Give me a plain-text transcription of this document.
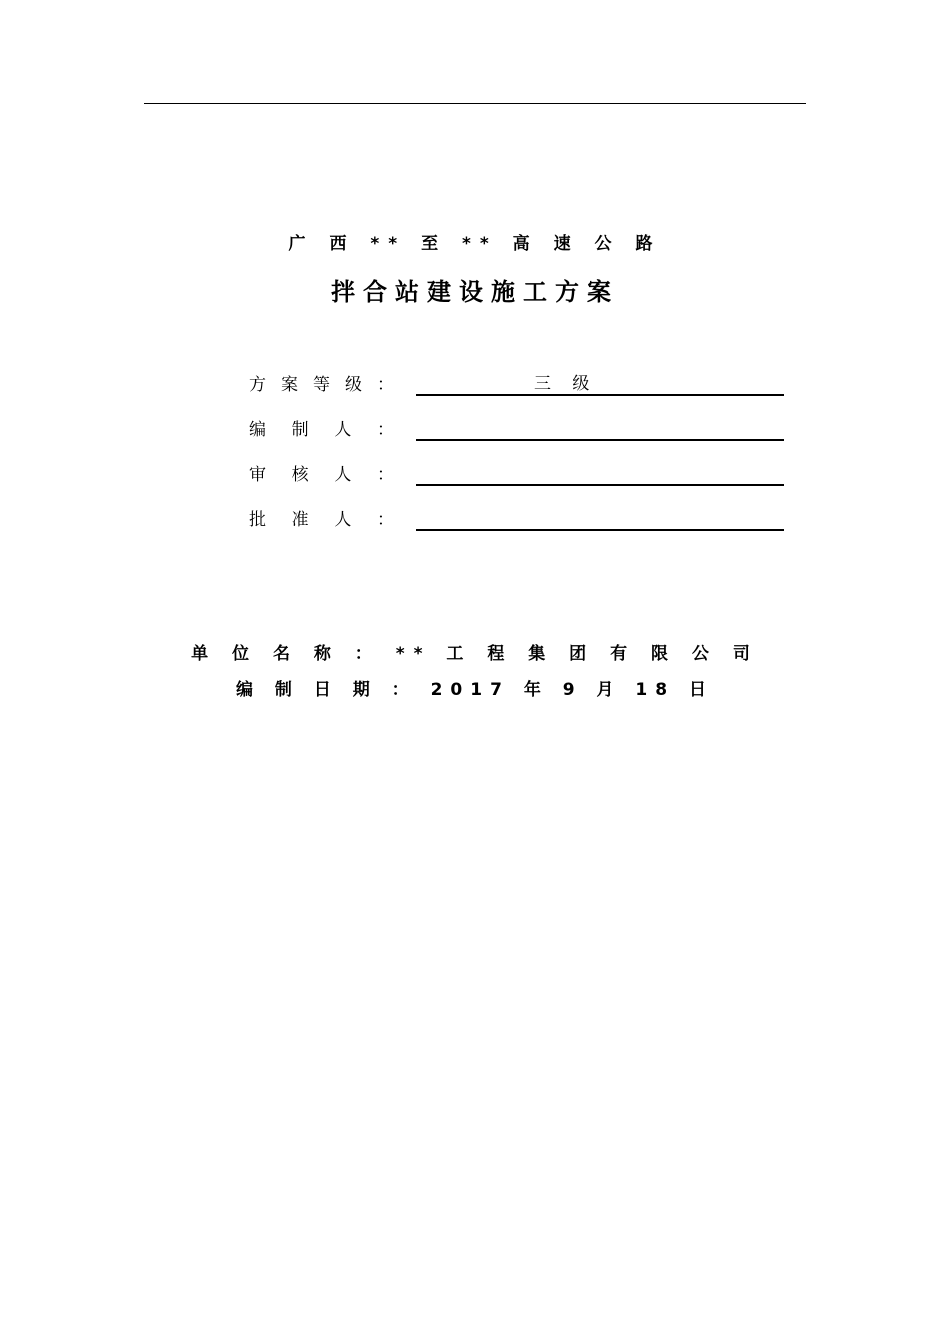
广 西 ** 至 ** 高 速 公 路
拌合站建设施工方案
方 案 等 级 ：	三 级
编 制 人 ：
审 核 人 ：
批 准 人 ：
单 位 名 称 ： ** 工 程 集 团 有 限 公 司
编 制 日 期 ： 2017 年 9 月 18 日
